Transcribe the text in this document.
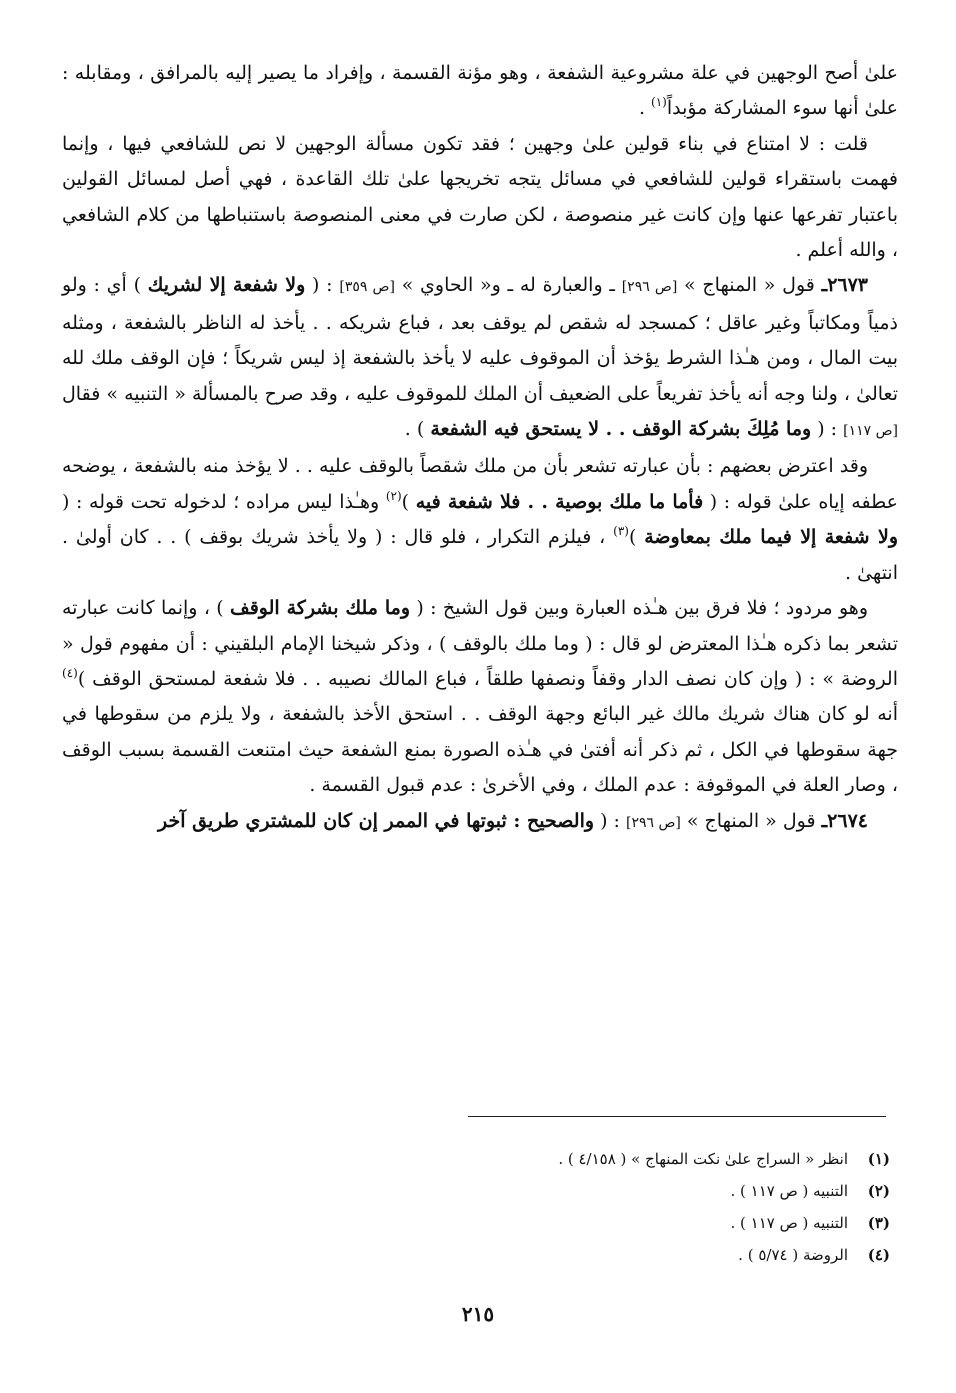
علىٰ أصح الوجهين في علة مشروعية الشفعة ، وهو مؤنة القسمة ، وإفراد ما يصير إليه بالمرافق ، ومقابله : علىٰ أنها سوء المشاركة مؤبداً$^{(١)}$ .

قلت : لا امتناع في بناء قولين علىٰ وجهين ؛ فقد تكون مسألة الوجهين لا نص للشافعي فيها ، وإنما فهمت باستقراء قولين للشافعي في مسائل يتجه تخريجها علىٰ تلك القاعدة ، فهي أصل لمسائل القولين باعتبار تفرعها عنها وإن كانت غير منصوصة ، لكن صارت في معنى المنصوصة باستنباطها من كلام الشافعي ، والله أعلم .

٢٦٧٣ـ قول « المنهاج » [ص ٢٩٦] ـ والعبارة له ـ و« الحاوي » [ص ٣٥٩] : ( ولا شفعة إلا لشريك ) أي : ولو ذمياً ومكاتباً وغير عاقل ؛ كمسجد له شقص لم يوقف بعد ، فباع شريكه . . يأخذ له الناظر بالشفعة ، ومثله بيت المال ، ومن هـٰذا الشرط يؤخذ أن الموقوف عليه لا يأخذ بالشفعة إذ ليس شريكاً ؛ فإن الوقف ملك لله تعالىٰ ، ولنا وجه أنه يأخذ تفريعاً على الضعيف أن الملك للموقوف عليه ، وقد صرح بالمسألة « التنبيه » فقال [ص ١١٧] : ( وما مُلِكَ بشركة الوقف . . لا يستحق فيه الشفعة ) .

وقد اعترض بعضهم : بأن عبارته تشعر بأن من ملك شقصاً بالوقف عليه . . لا يؤخذ منه بالشفعة ، يوضحه عطفه إياه علىٰ قوله : ( فأما ما ملك بوصية . . فلا شفعة فيه )$^{(٢)}$ وهـٰذا ليس مراده ؛ لدخوله تحت قوله : ( ولا شفعة إلا فيما ملك بمعاوضة )$^{(٣)}$ ، فيلزم التكرار ، فلو قال : ( ولا يأخذ شريك بوقف ) . . كان أولىٰ . انتهىٰ .

وهو مردود ؛ فلا فرق بين هـٰذه العبارة وبين قول الشيخ : ( وما ملك بشركة الوقف ) ، وإنما كانت عبارته تشعر بما ذكره هـٰذا المعترض لو قال : ( وما ملك بالوقف ) ، وذكر شيخنا الإمام البلقيني : أن مفهوم قول « الروضة » : ( وإن كان نصف الدار وقفاً ونصفها طلقاً ، فباع المالك نصيبه . . فلا شفعة لمستحق الوقف )$^{(٤)}$ أنه لو كان هناك شريك مالك غير البائع وجهة الوقف . . استحق الأخذ بالشفعة ، ولا يلزم من سقوطها في جهة سقوطها في الكل ، ثم ذكر أنه أفتىٰ في هـٰذه الصورة بمنع الشفعة حيث امتنعت القسمة بسبب الوقف ، وصار العلة في الموقوفة : عدم الملك ، وفي الأخرىٰ : عدم قبول القسمة .

٢٦٧٤ـ قول « المنهاج » [ص ٢٩٦] : ( والصحيح : ثبوتها في الممر إن كان للمشتري طريق آخر

(١)
انظر « السراج علىٰ نكت المنهاج » ( ٤/١٥٨ ) .
(٢)
التنبيه ( ص ١١٧ ) .
(٣)
التنبيه ( ص ١١٧ ) .
(٤)
الروضة ( ٥/٧٤ ) .
٢١٥
